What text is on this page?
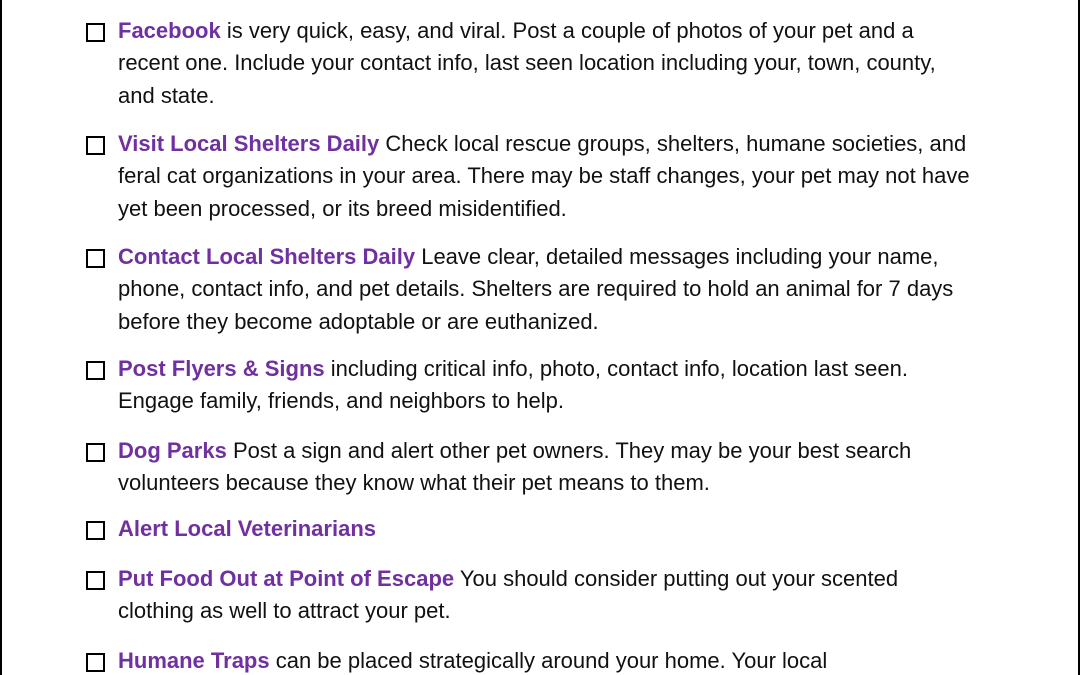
Facebook is very quick, easy, and viral. Post a couple of photos of your pet and a recent one. Include your contact info, last seen location including your, town, county, and state.
Visit Local Shelters Daily Check local rescue groups, shelters, humane societies, and feral cat organizations in your area. There may be staff changes, your pet may not have yet been processed, or its breed misidentified.
Contact Local Shelters Daily Leave clear, detailed messages including your name, phone, contact info, and pet details. Shelters are required to hold an animal for 7 days before they become adoptable or are euthanized.
Post Flyers & Signs including critical info, photo, contact info, location last seen. Engage family, friends, and neighbors to help.
Dog Parks Post a sign and alert other pet owners. They may be your best search volunteers because they know what their pet means to them.
Alert Local Veterinarians
Put Food Out at Point of Escape You should consider putting out your scented clothing as well to attract your pet.
Humane Traps can be placed strategically around your home. Your local
